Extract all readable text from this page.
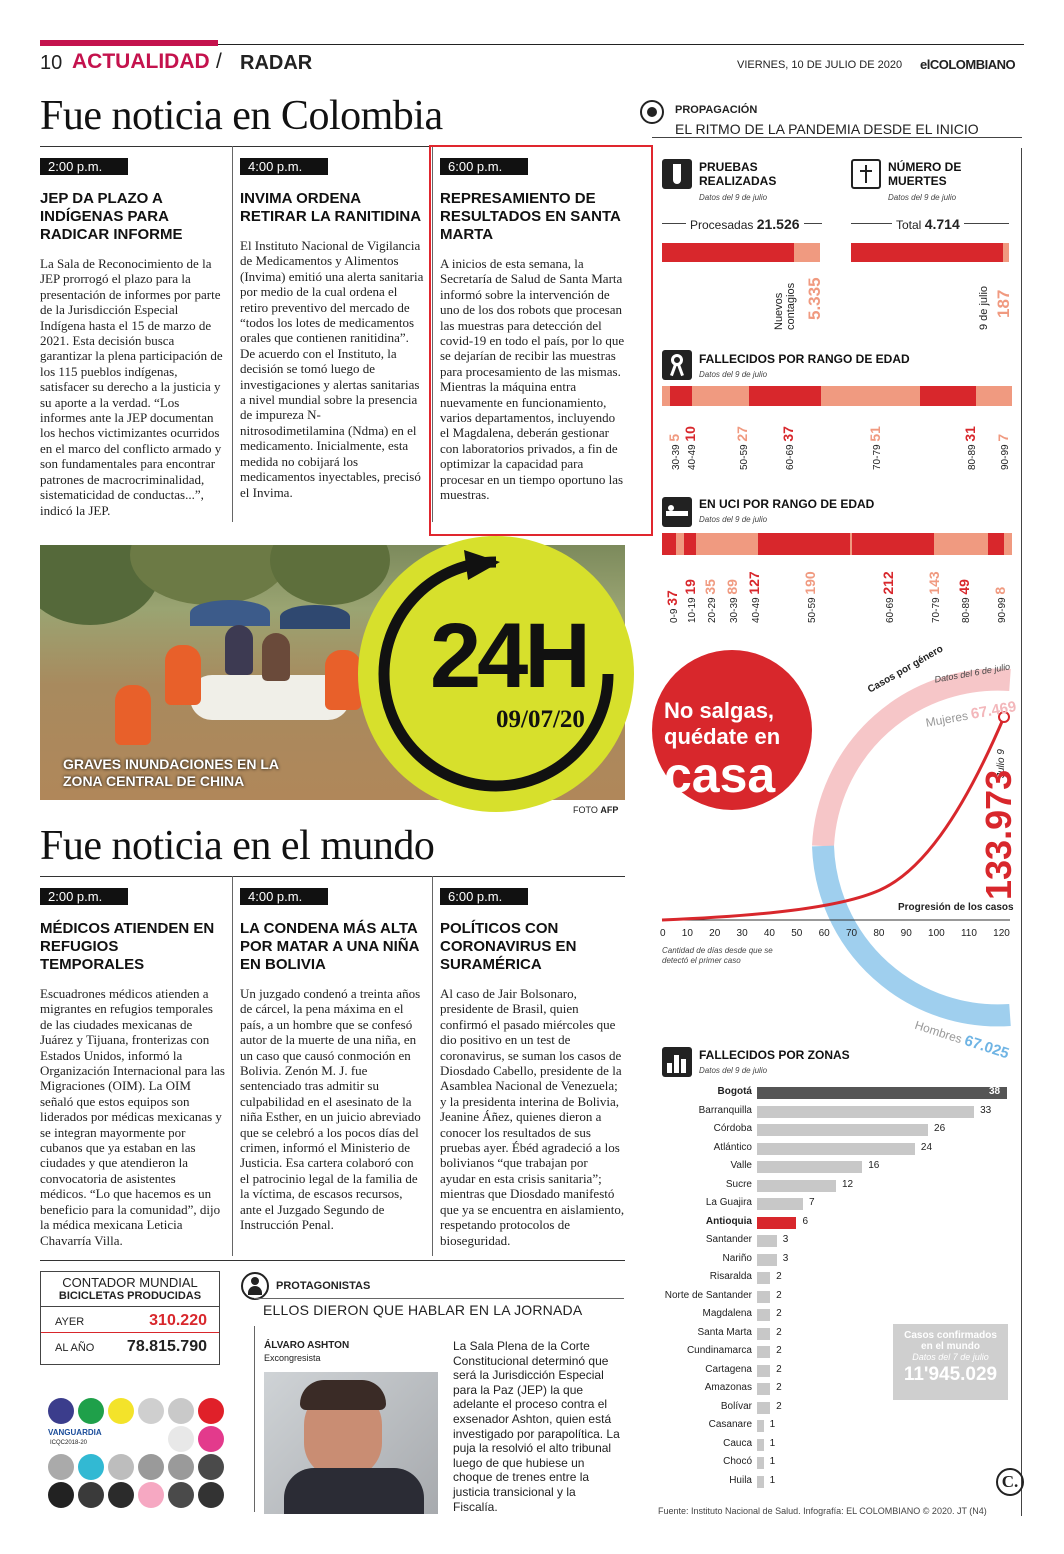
10 ACTUALIDAD / RADAR	VIERNES, 10 DE JULIO DE 2020 elCOLOMBIANO
Fue noticia en Colombia
2:00 p.m.
JEP DA PLAZO A INDÍGENAS PARA RADICAR INFORME
La Sala de Reconocimiento de la JEP prorrogó el plazo para la presentación de informes por parte de la Jurisdicción Especial Indígena hasta el 15 de marzo de 2021. Esta decisión busca garantizar la plena participación de los 115 pueblos indígenas, satisfacer su derecho a la justicia y su aporte a la verdad. “Los informes ante la JEP documentan los hechos victimizantes ocurridos en el marco del conflicto armado y son fundamentales para encontrar patrones de macrocriminalidad, sistematicidad de conductas...”, indicó la JEP.
4:00 p.m.
INVIMA ORDENA RETIRAR LA RANITIDINA
El Instituto Nacional de Vigilancia de Medicamentos y Alimentos (Invima) emitió una alerta sanitaria por medio de la cual ordena el retiro preventivo del mercado de “todos los lotes de medicamentos orales que contienen ranitidina”. De acuerdo con el Instituto, la decisión se tomó luego de investigaciones y alertas sanitarias a nivel mundial sobre la presencia de impureza N-nitrosodimetilamina (Ndma) en el medicamento. Inicialmente, esta medida no cobijará los medicamentos inyectables, precisó el Invima.
6:00 p.m.
REPRESAMIENTO DE RESULTADOS EN SANTA MARTA
A inicios de esta semana, la Secretaría de Salud de Santa Marta informó sobre la intervención de uno de los dos robots que procesan las muestras para detección del covid-19 en todo el país, por lo que se dejarían de recibir las muestras para procesamiento de las mismas. Mientras la máquina entra nuevamente en funcionamiento, varios departamentos, incluyendo el Magdalena, deberán gestionar con laboratorios privados, a fin de optimizar la capacidad para procesar en un tiempo oportuno las muestras.
24H
09/07/20
GRAVES INUNDACIONES EN LA
ZONA CENTRAL DE CHINA
FOTO AFP
Fue noticia en el mundo
2:00 p.m.
MÉDICOS ATIENDEN EN REFUGIOS TEMPORALES
Escuadrones médicos atienden a migrantes en refugios temporales de las ciudades mexicanas de Juárez y Tijuana, fronterizas con Estados Unidos, informó la Organización Internacional para las Migraciones (OIM). La OIM señaló que estos equipos son liderados por médicas mexicanas y se integran mayormente por cubanos que ya estaban en las ciudades y que atendieron la convocatoria de asistentes médicos. “Lo que hacemos es un beneficio para la comunidad”, dijo la médica mexicana Leticia Chavarría Villa.
4:00 p.m.
LA CONDENA MÁS ALTA POR MATAR A UNA NIÑA EN BOLIVIA
Un juzgado condenó a treinta años de cárcel, la pena máxima en el país, a un hombre que se confesó autor de la muerte de una niña, en un caso que causó conmoción en Bolivia. Zenón M. J. fue sentenciado tras admitir su culpabilidad en el asesinato de la niña Esther, en un juicio abreviado que se celebró a los pocos días del crimen, informó el Ministerio de Justicia. Esa cartera colaboró con el patrocinio legal de la familia de la víctima, de escasos recursos, ante el Juzgado Segundo de Instrucción Penal.
6:00 p.m.
POLÍTICOS CON CORONAVIRUS EN SURAMÉRICA
Al caso de Jair Bolsonaro, presidente de Brasil, quien confirmó el pasado miércoles que dio positivo en un test de coronavirus, se suman los casos de Diosdado Cabello, presidente de la Asamblea Nacional de Venezuela; y la presidenta interina de Bolivia, Jeanine Áñez, quienes dieron a conocer los resultados de sus pruebas ayer. Ébéd agradeció a los bolivianos “que trabajan por ayudar en esta crisis sanitaria”; mientras que Diosdado manifestó que ya se encuentra en aislamiento, respetando protocolos de bioseguridad.
CONTADOR MUNDIAL
BICICLETAS PRODUCIDAS
AYER	310.220
AL AÑO 78.815.790
VANGUARDIA
ICQC2018-20
PROTAGONISTAS
ELLOS DIERON QUE HABLAR EN LA JORNADA
ÁLVARO ASHTON
Excongresista
La Sala Plena de la Corte Constitucional determinó que será la Jurisdicción Especial para la Paz (JEP) la que adelante el proceso contra el exsenador Ashton, quien está investigado por parapolítica. La puja la resolvió el alto tribunal luego de que hubiese un choque de trenes entre la justicia transicional y la Fiscalía.
PROPAGACIÓN
EL RITMO DE LA PANDEMIA DESDE EL INICIO
PRUEBAS
REALIZADAS
Datos del 9 de julio
Procesadas 21.526
Nuevos contagios 5.335
NÚMERO DE
MUERTES
Datos del 9 de julio
Total 4.714
9 de julio 187
FALLECIDOS POR RANGO DE EDAD
Datos del 9 de julio
30-39 5
40-49 10
50-59 27
60-69 37
70-79 51
80-89 31
90-99 7
EN UCI POR RANGO DE EDAD
Datos del 9 de julio
0-9 37 10-19 19
20-29 35
30-39 89
40-49 127
50-59 190
60-69 212
70-79 143
80-89 49
90-99 8
No salgas,
quédate en
casa
Casos por género
Datos del 6 de julio
Mujeres 67.469
Julio 9
133.973
Progresión de los casos
0 10 20 30 40 50 60 70 80 90 100 110 120
Cantidad de días desde que se detectó el primer caso
Hombres 67.025
FALLECIDOS POR ZONAS
Datos del 9 de julio
Bogotá	38
Barranquilla	33
Córdoba	26
Atlántico	24
Valle	16
Sucre	12
La Guajira	7
Antioquia	6
Santander	3
Nariño	3
Risaralda 2
Norte de Santander 2
Magdalena 2
Santa Marta 2
Cundinamarca 2
Cartagena 2
Amazonas 2
Bolívar 2
Casanare 1
Cauca 1
Chocó 1
Huila 1
Casos confirmados
en el mundo
Datos del 7 de julio
11'945.029
C.
Fuente: Instituto Nacional de Salud. Infografía: EL COLOMBIANO © 2020. JT (N4)
